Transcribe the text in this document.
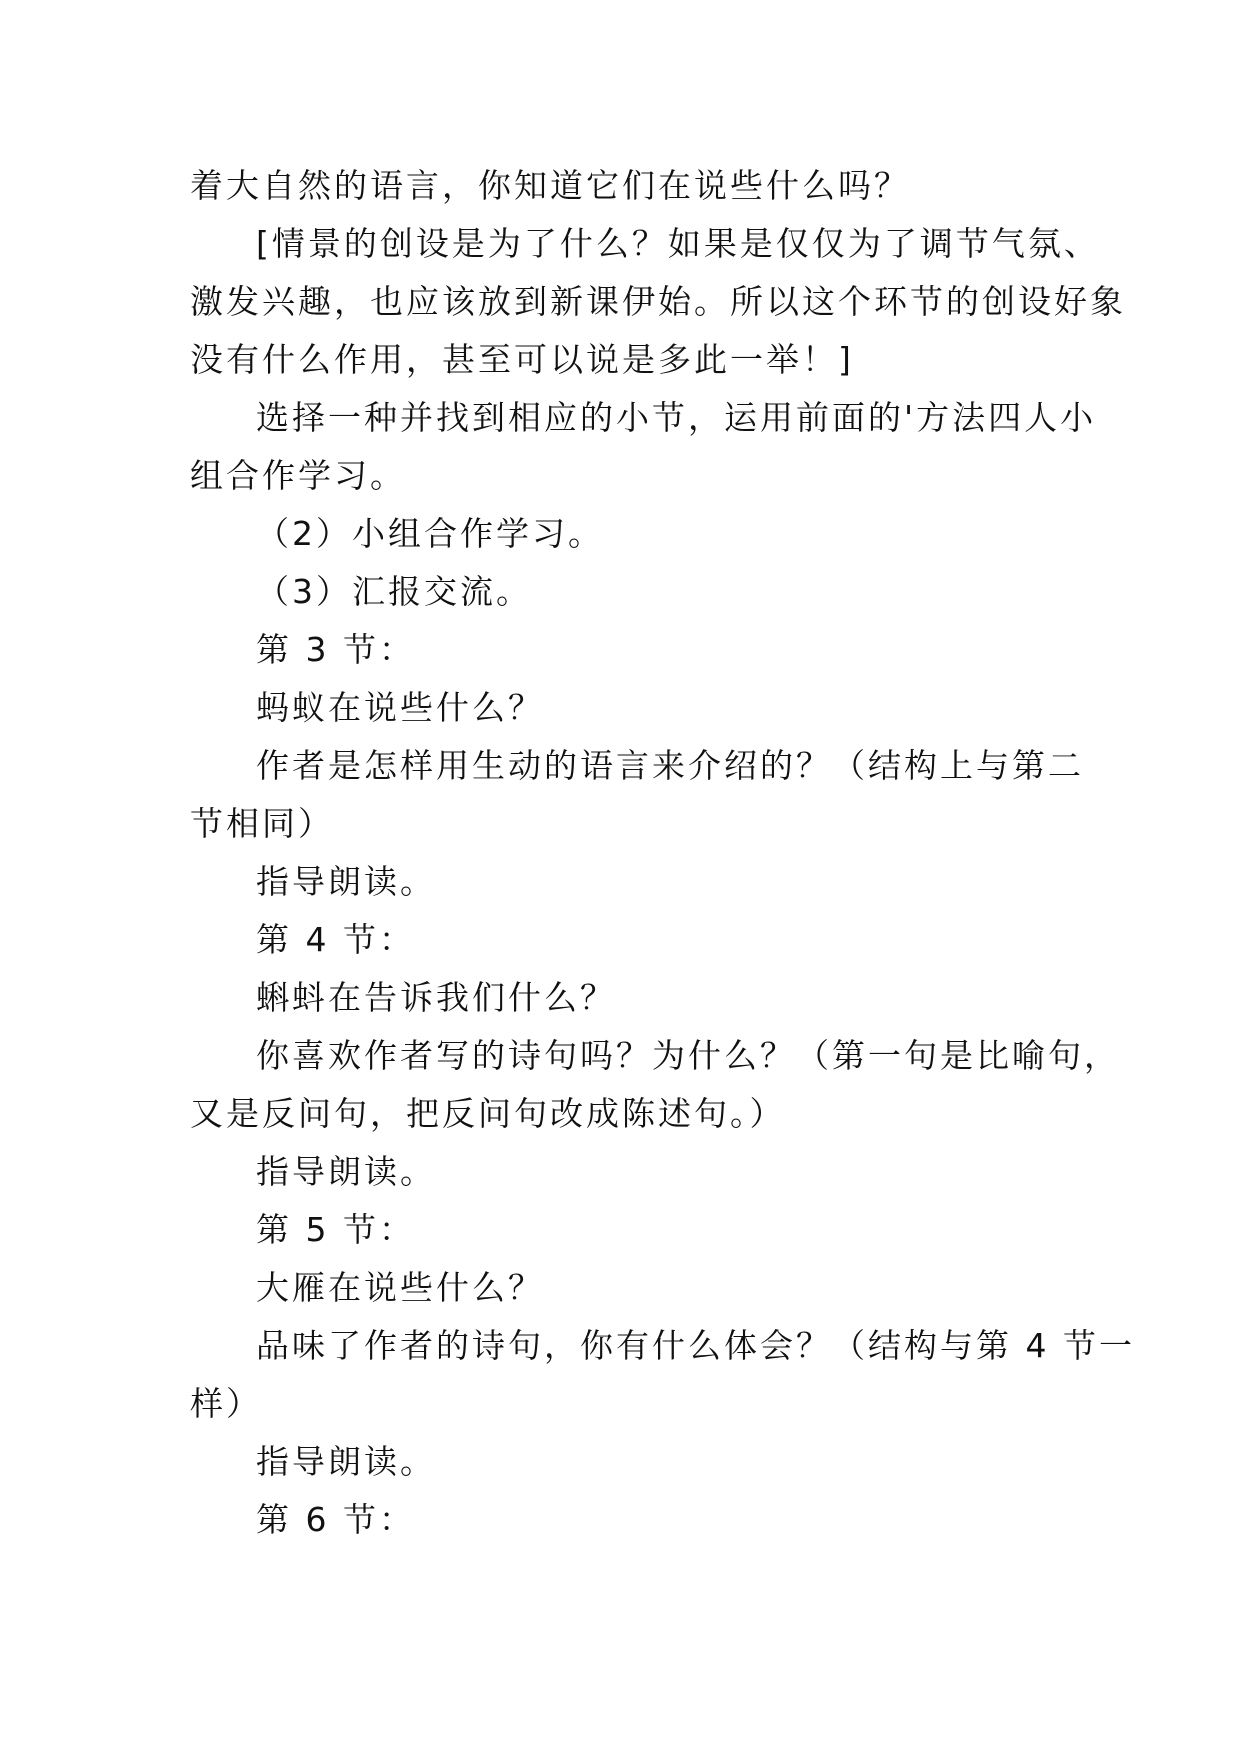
着大自然的语言，你知道它们在说些什么吗？
[情景的创设是为了什么？如果是仅仅为了调节气氛、
激发兴趣，也应该放到新课伊始。所以这个环节的创设好象
没有什么作用，甚至可以说是多此一举！]
选择一种并找到相应的小节，运用前面的'方法四人小
组合作学习。
（2）小组合作学习。
（3）汇报交流。
第 3 节：
蚂蚁在说些什么？
作者是怎样用生动的语言来介绍的？（结构上与第二
节相同）
指导朗读。
第 4 节：
蝌蚪在告诉我们什么？
你喜欢作者写的诗句吗？为什么？（第一句是比喻句，
又是反问句，把反问句改成陈述句。）
指导朗读。
第 5 节：
大雁在说些什么？
品味了作者的诗句，你有什么体会？（结构与第 4 节一
样）
指导朗读。
第 6 节：
